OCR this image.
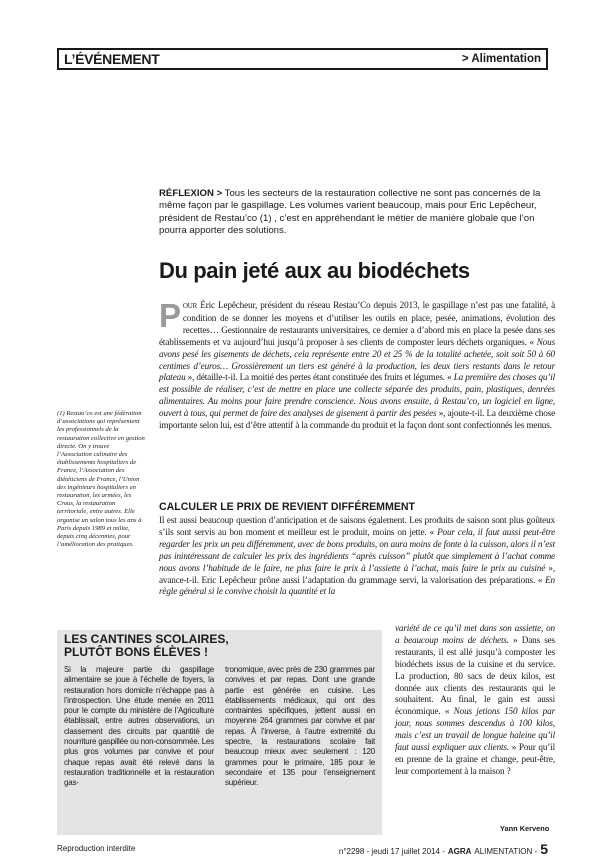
L’ÉVÉNEMENT	> Alimentation
RÉFLEXION > Tous les secteurs de la restauration collective ne sont pas concernés de la même façon par le gaspillage. Les volumes varient beaucoup, mais pour Eric Lepêcheur, président de Restau’co (1) , c’est en appréhendant le métier de manière globale que l’on pourra apporter des solutions.
Du pain jeté aux au biodéchets

POUR Éric Lepêcheur, président du réseau Restau’Co depuis 2013, le gaspillage n’est pas une fatalité, à condition de se donner les moyens et d’utiliser les outils en place, pesée, animations, évolution des recettes… Gestionnaire de restaurants universitaires, ce dernier a d’abord mis en place la pesée dans ses établissements et va aujourd’hui jusqu’à proposer à ses clients de composter leurs déchets organiques. « Nous avons pesé les gisements de déchets, cela représente entre 20 et 25 % de la totalité achetée, soit soit 50 à 60 centimes d’euros… Grossièrement un tiers est généré à la production, les deux tiers restants dans le retour plateau », détaille-t-il. La moitié des pertes étant constituée des fruits et légumes. « La première des choses qu’il est possible de réaliser, c’est de mettre en place une collecte séparée des produits, pain, plastiques, denrées alimentaires. Au moins pour faire prendre conscience. Nous avons ensuite, à Restau’co, un logiciel en ligne, ouvert à tous, qui permet de faire des analyses de gisement à partir des pesées », ajoute-t-il. La deuxième chose importante selon lui, est d’être attentif à la commande du produit et la façon dont sont confectionnés les menus.

CALCULER LE PRIX DE REVIENT DIFFÉREMMENT

Il est aussi beaucoup question d’anticipation et de saisons également. Les produits de saison sont plus goûteux s’ils sont servis au bon moment et meilleur est le produit, moins on jette. « Pour cela, il faut aussi peut-être regarder les prix un peu différemment, avec de bons produits, on aura moins de fonte à la cuisson, alors il n’est pas inintéressant de calculer les prix des ingrédients “après cuisson” plutôt que simplement à l’achat comme nous avons l’habitude de le faire, ne plus faire le prix à l’assiette à l’achat, mais faire le prix au cuisiné », avance-t-il. Eric Lepêcheur prône aussi l’adaptation du grammage servi, la valorisation des préparations. « En règle général si le convive choisit la quantité et la

variété de ce qu’il met dans son assiette, on a beaucoup moins de déchets. » Dans ses restaurants, il est allé jusqu’à composter les biodéchets issus de la cuisine et du service. La production, 80 sacs de deux kilos, est donnée aux clients des restaurants qui le souhaitent. Au final, le gain est aussi économique. « Nous jetions 150 kilos par jour, nous sommes descendus à 100 kilos, mais c’est un travail de longue haleine qu’il faut aussi expliquer aux clients. » Pour qu’il en prenne de la graine et change, peut-être, leur comportement à la maison ?

Yann Kerveno
(1) Restau’co est une fédération d’associations qui représentent les professionnels de la restauration collective en gestion directe. On y trouve l’Association culinaire des établissements hospitaliers de France, l’Association des diététiciens de France, l’Union des ingénieurs hospitaliers en restauration, les armées, les Crous, la restauration territoriale, entre autres. Elle organise un salon tous les ans à Paris depuis 1989 et milite, depuis cinq décennies, pour l’amélioration des pratiques.
LES CANTINES SCOLAIRES,
PLUTÔT BONS ÉLÈVES !

Si la majeure partie du gaspillage alimentaire se joue à l’échelle de foyers, la restauration hors domicile n’échappe pas à l’introspection. Une étude menée en 2011 pour le compte du ministère de l’Agriculture établissait, entre autres observations, un classement des circuits par quantité de nourriture gaspillée ou non-consommée. Les plus gros volumes par convive et pour chaque repas avait été relevé dans la restauration traditionnelle et la restauration gas-

tronomique, avec près de 230 grammes par convives et par repas. Dont une grande partie est générée en cuisine. Les établissements médicaux, qui ont des contraintes spécifiques, jettent aussi en moyenne 264 grammes par convive et par repas. À l’inverse, à l’autre extremité du spectre, la restaurations scolaire fait beaucoup mieux avec seulement : 120 grammes pour le primaire, 185 pour le secondaire et 135 pour l’enseignement supérieur.

Reproduction interdite	n°2298 - jeudi 17 juillet 2014 - AGRA ALIMENTATION - 5
